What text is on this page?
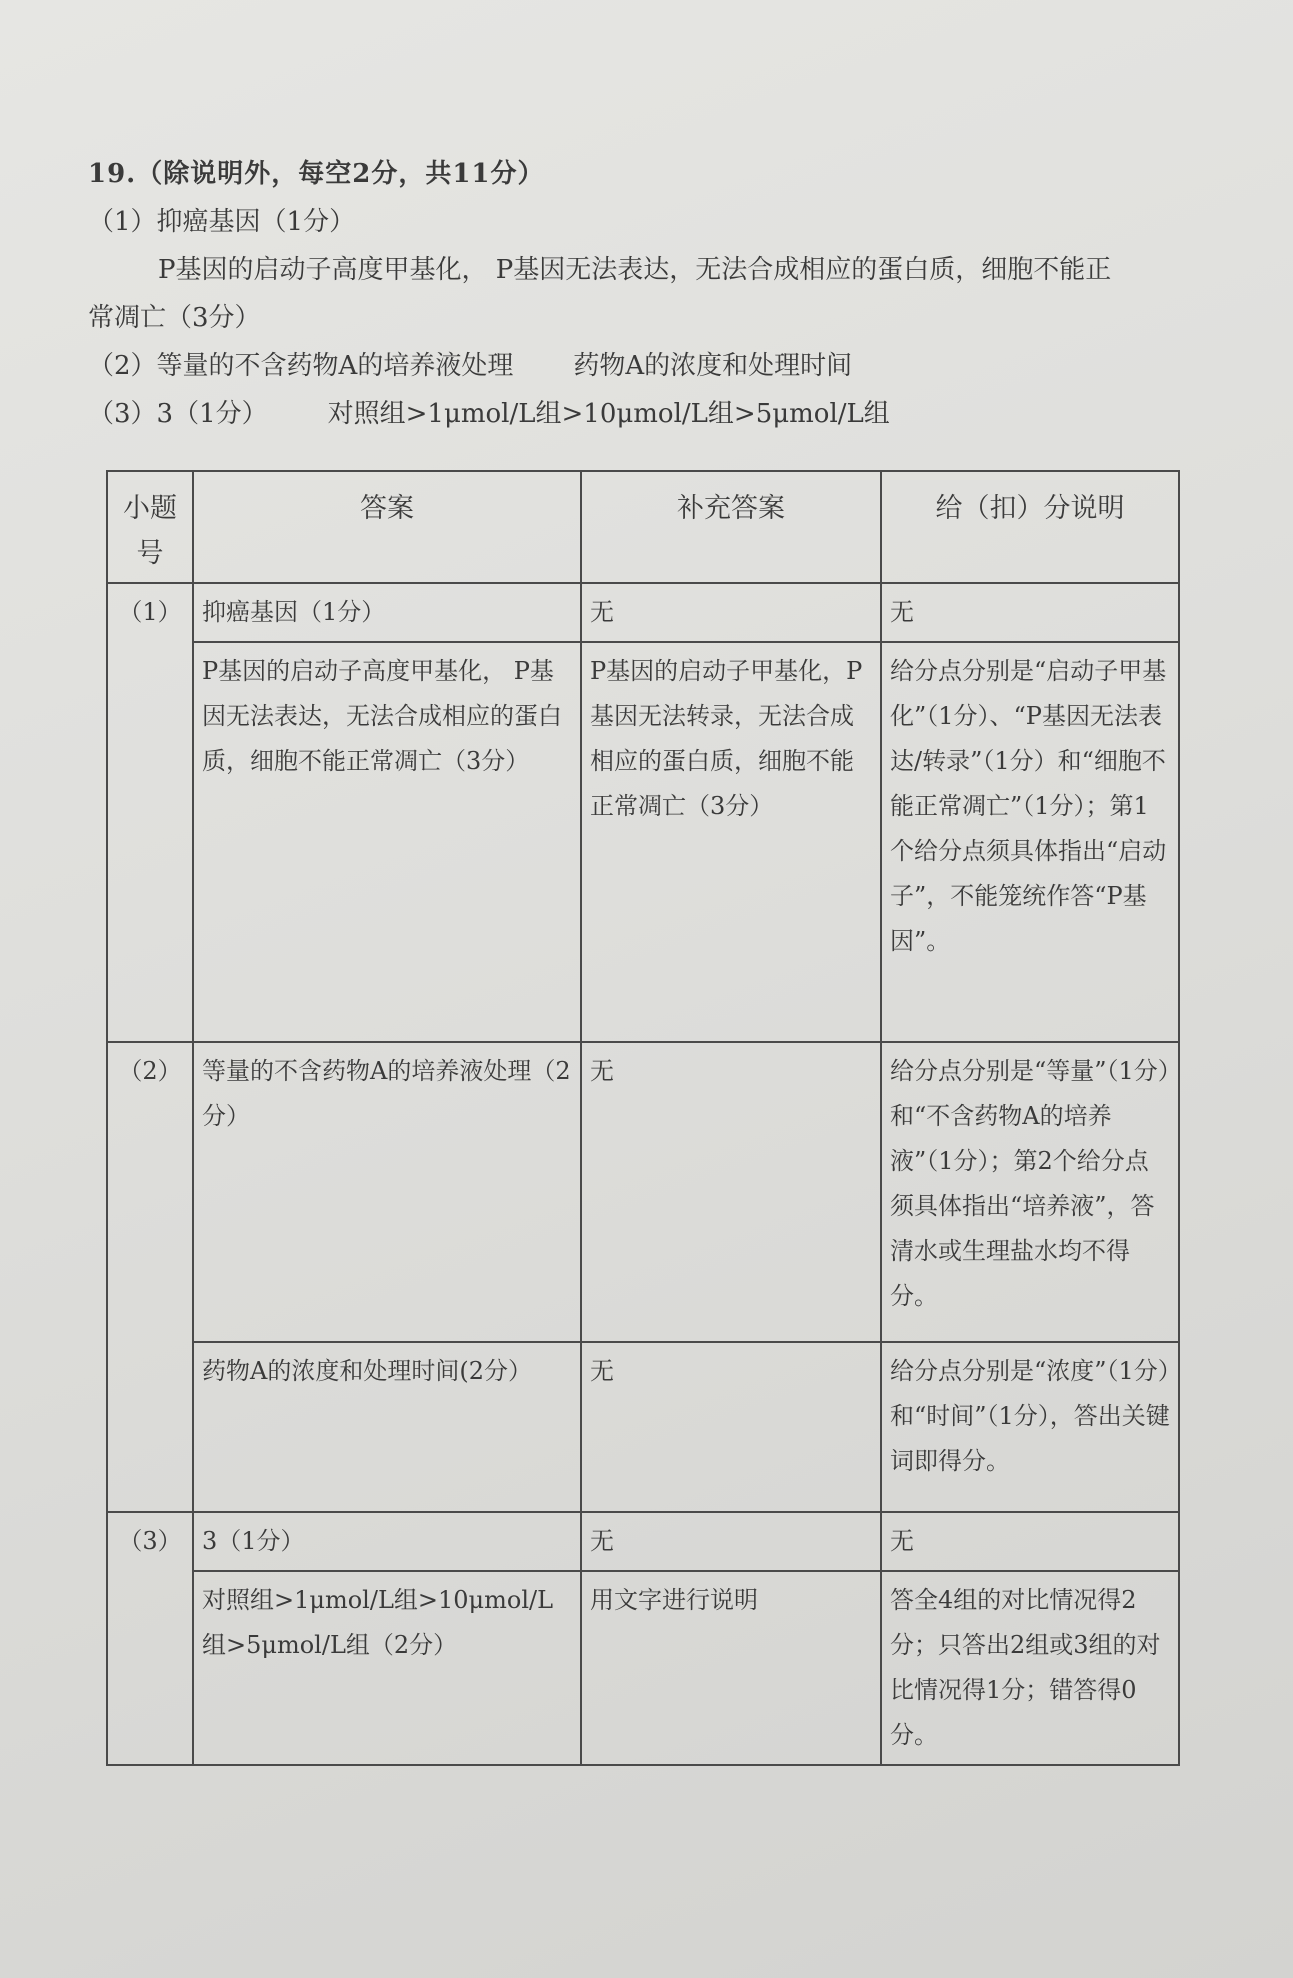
19.（除说明外，每空2分，共11分）

（1）抑癌基因（1分）

P基因的启动子高度甲基化， P基因无法表达，无法合成相应的蛋白质，细胞不能正

常凋亡（3分）

（2）等量的不含药物A的培养液处理 药物A的浓度和处理时间

（3）3（1分） 对照组>1μmol/L组>10μmol/L组>5μmol/L组

小题号	答案	补充答案	给（扣）分说明
（1）	抑癌基因（1分）	无	无
	P基因的启动子高度甲基化， P基因无法表达，无法合成相应的蛋白质，细胞不能正常凋亡（3分）	P基因的启动子甲基化，P基因无法转录，无法合成相应的蛋白质，细胞不能正常凋亡（3分）	给分点分别是“启动子甲基化”（1分）、“P基因无法表达/转录”（1分）和“细胞不能正常凋亡”（1分）；第1个给分点须具体指出“启动子”，不能笼统作答“P基因”。
（2）	等量的不含药物A的培养液处理（2分）	无	给分点分别是“等量”（1分）和“不含药物A的培养液”（1分）；第2个给分点须具体指出“培养液”，答清水或生理盐水均不得分。
	药物A的浓度和处理时间(2分）	无	给分点分别是“浓度”（1分）和“时间”（1分），答出关键词即得分。
（3）	3（1分）	无	无
	对照组>1μmol/L组>10μmol/L组>5μmol/L组（2分）	用文字进行说明	答全4组的对比情况得2分；只答出2组或3组的对比情况得1分；错答得0分。
